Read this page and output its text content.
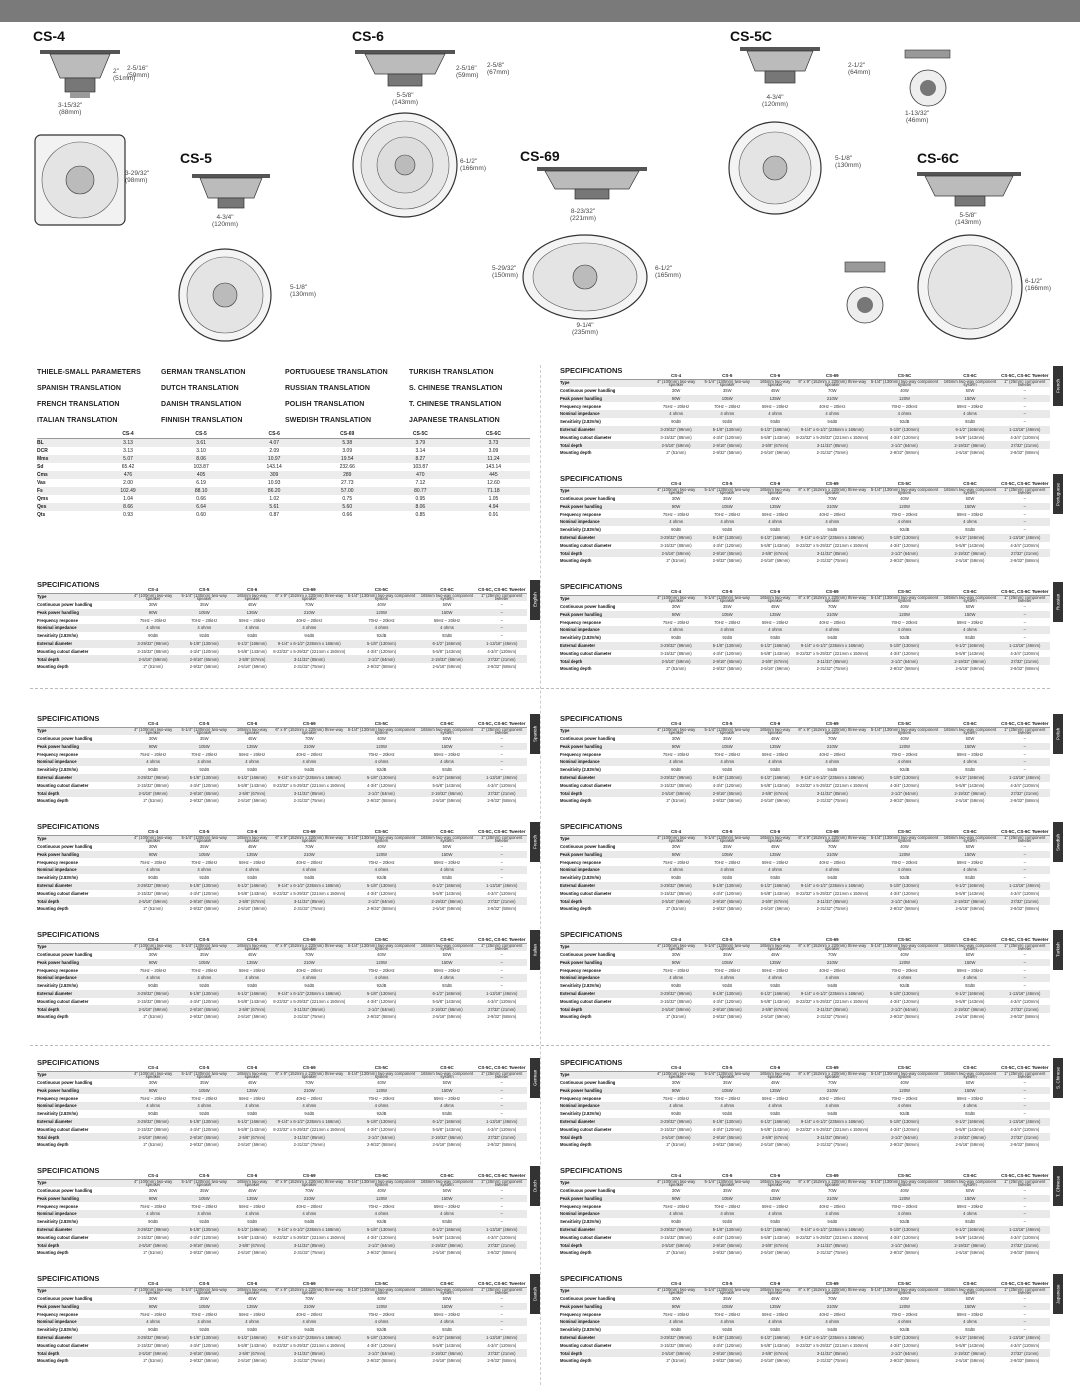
CS-4	CS-6	CS-5C
CS-5	CS-69	CS-6C
2-5/16"
(59mm)
2"
(51mm)
3-15/32"
(88mm)
2-5/16"
(59mm)
2-5/8"
(67mm)
5-5/8"
(143mm)
6-1/2"
(166mm)
4-3/4"
(120mm)
2-1/2"
(64mm)
1-13/32"
(46mm)
3-29/32"
(98mm)
4-3/4"
(120mm)
5-1/8"
(130mm)
8-23/32"
(221mm)
5-29/32"
(150mm)
6-1/2"
(165mm)
9-1/4"
(235mm)
5-1/8"
(130mm)
5-5/8"
(143mm)
6-1/2"
(166mm)
THIELE-SMALL PARAMETERS	GERMAN TRANSLATION	PORTUGUESE TRANSLATION	TURKISH TRANSLATION
SPANISH TRANSLATION	DUTCH TRANSLATION	RUSSIAN TRANSLATION	S. CHINESE TRANSLATION
FRENCH TRANSLATION	DANISH TRANSLATION	POLISH TRANSLATION	T. CHINESE TRANSLATION
ITALIAN TRANSLATION	FINNISH TRANSLATION	SWEDISH TRANSLATION	JAPANESE TRANSLATION
	CS-4	CS-5	CS-6	CS-69	CS-5C	CS-6C
BL	3.13	3.61	4.07	5.38	3.79	3.73
DCR	3.13	3.10	2.09	3.09	3.14	3.09
Mms	5.07	8.06	10.97	19.54	8.27	11.24
Sd	65.42	103.87	143.14	232.66	103.87	143.14
Cms	476	405	309	289	470	445
Vas	2.00	6.19	10.93	27.73	7.12	12.60
Fs	102.49	88.10	86.20	57.00	80.77	71.18
Qms	1.04	0.66	1.02	0.75	0.95	1.05
Qes	8.66	6.64	5.61	5.60	8.06	4.94
Qts	0.93	0.60	0.87	0.66	0.85	0.91
SPECIFICATIONS
	CS-4	CS-5	CS-6	CS-69	CS-5C	CS-6C	CS-5C, CS-6C Tweeter
Type	4" (100mm) two-way speaker	5-1/4" (130mm) two-way speaker	165mm two-way speaker	6" x 9" (152mm x 230mm) three-way speaker	5-1/4" (130mm) two-way component system	165mm two-way component system	1" (25mm) component tweeter
Continuous power handling	30W	35W	45W	70W	40W	50W	–
Peak power handling	90W	105W	135W	210W	120W	150W	–
Frequency response	75Hz – 20kHz	70Hz – 20kHz	59Hz – 20kHz	40Hz – 20kHz	70Hz – 20kHz	59Hz – 20kHz	–
Nominal impedance	4 ohms	4 ohms	4 ohms	4 ohms	4 ohms	4 ohms	–
Sensitivity (2.83V/m)	90dB	92dB	93dB	94dB	92dB	93dB	–
External diameter	3-29/32" (98mm)	5-1/8" (130mm)	6-1/2" (166mm)	9-1/4" x 6-1/2" (235mm x 166mm)	5-1/8" (130mm)	6-1/2" (166mm)	1-13/16" (46mm)
Mounting cutout diameter	3-15/32" (88mm)	4-3/4" (120mm)	5-5/8" (143mm)	8-23/32" x 5-29/32" (221mm x 150mm)	4-3/4" (120mm)	5-5/8" (143mm)	4-3/4" (120mm)
Total depth	2-5/16" (59mm)	2-9/16" (65mm)	2-5/8" (67mm)	3-11/32" (85mm)	2-1/2" (64mm)	2-19/32" (66mm)	27/32" (21mm)
Mounting depth	2" (51mm)	2-9/32" (58mm)	2-5/16" (59mm)	2-31/32" (75mm)	2-9/32" (58mm)	2-5/16" (59mm)	2-9/32" (58mm)
English
SPECIFICATIONS
	CS-4	CS-5	CS-6	CS-69	CS-5C	CS-6C	CS-5C, CS-6C Tweeter
Type	4" (100mm) two-way speaker	5-1/4" (130mm) two-way speaker	165mm two-way speaker	6" x 9" (152mm x 230mm) three-way speaker	5-1/4" (130mm) two-way component system	165mm two-way component system	1" (25mm) component tweeter
Continuous power handling	30W	35W	45W	70W	40W	50W	–
Peak power handling	90W	105W	135W	210W	120W	150W	–
Frequency response	75Hz – 20kHz	70Hz – 20kHz	59Hz – 20kHz	40Hz – 20kHz	70Hz – 20kHz	59Hz – 20kHz	–
Nominal impedance	4 ohms	4 ohms	4 ohms	4 ohms	4 ohms	4 ohms	–
Sensitivity (2.83V/m)	90dB	92dB	93dB	94dB	92dB	93dB	–
External diameter	3-29/32" (98mm)	5-1/8" (130mm)	6-1/2" (166mm)	9-1/4" x 6-1/2" (235mm x 166mm)	5-1/8" (130mm)	6-1/2" (166mm)	1-13/16" (46mm)
Mounting cutout diameter	3-15/32" (88mm)	4-3/4" (120mm)	5-5/8" (143mm)	8-23/32" x 5-29/32" (221mm x 150mm)	4-3/4" (120mm)	5-5/8" (143mm)	4-3/4" (120mm)
Total depth	2-5/16" (59mm)	2-9/16" (65mm)	2-5/8" (67mm)	3-11/32" (85mm)	2-1/2" (64mm)	2-19/32" (66mm)	27/32" (21mm)
Mounting depth	2" (51mm)	2-9/32" (58mm)	2-5/16" (59mm)	2-31/32" (75mm)	2-9/32" (58mm)	2-5/16" (59mm)	2-9/32" (58mm)
French
SPECIFICATIONS
	CS-4	CS-5	CS-6	CS-69	CS-5C	CS-6C	CS-5C, CS-6C Tweeter
Type	4" (100mm) two-way speaker	5-1/4" (130mm) two-way speaker	165mm two-way speaker	6" x 9" (152mm x 230mm) three-way speaker	5-1/4" (130mm) two-way component system	165mm two-way component system	1" (25mm) component tweeter
Continuous power handling	30W	35W	45W	70W	40W	50W	–
Peak power handling	90W	105W	135W	210W	120W	150W	–
Frequency response	75Hz – 20kHz	70Hz – 20kHz	59Hz – 20kHz	40Hz – 20kHz	70Hz – 20kHz	59Hz – 20kHz	–
Nominal impedance	4 ohms	4 ohms	4 ohms	4 ohms	4 ohms	4 ohms	–
Sensitivity (2.83V/m)	90dB	92dB	93dB	94dB	92dB	93dB	–
External diameter	3-29/32" (98mm)	5-1/8" (130mm)	6-1/2" (166mm)	9-1/4" x 6-1/2" (235mm x 166mm)	5-1/8" (130mm)	6-1/2" (166mm)	1-13/16" (46mm)
Mounting cutout diameter	3-15/32" (88mm)	4-3/4" (120mm)	5-5/8" (143mm)	8-23/32" x 5-29/32" (221mm x 150mm)	4-3/4" (120mm)	5-5/8" (143mm)	4-3/4" (120mm)
Total depth	2-5/16" (59mm)	2-9/16" (65mm)	2-5/8" (67mm)	3-11/32" (85mm)	2-1/2" (64mm)	2-19/32" (66mm)	27/32" (21mm)
Mounting depth	2" (51mm)	2-9/32" (58mm)	2-5/16" (59mm)	2-31/32" (75mm)	2-9/32" (58mm)	2-5/16" (59mm)	2-9/32" (58mm)
Portuguese
SPECIFICATIONS
	CS-4	CS-5	CS-6	CS-69	CS-5C	CS-6C	CS-5C, CS-6C Tweeter
Type	4" (100mm) two-way speaker	5-1/4" (130mm) two-way speaker	165mm two-way speaker	6" x 9" (152mm x 230mm) three-way speaker	5-1/4" (130mm) two-way component system	165mm two-way component system	1" (25mm) component tweeter
Continuous power handling	30W	35W	45W	70W	40W	50W	–
Peak power handling	90W	105W	135W	210W	120W	150W	–
Frequency response	75Hz – 20kHz	70Hz – 20kHz	59Hz – 20kHz	40Hz – 20kHz	70Hz – 20kHz	59Hz – 20kHz	–
Nominal impedance	4 ohms	4 ohms	4 ohms	4 ohms	4 ohms	4 ohms	–
Sensitivity (2.83V/m)	90dB	92dB	93dB	94dB	92dB	93dB	–
External diameter	3-29/32" (98mm)	5-1/8" (130mm)	6-1/2" (166mm)	9-1/4" x 6-1/2" (235mm x 166mm)	5-1/8" (130mm)	6-1/2" (166mm)	1-13/16" (46mm)
Mounting cutout diameter	3-15/32" (88mm)	4-3/4" (120mm)	5-5/8" (143mm)	8-23/32" x 5-29/32" (221mm x 150mm)	4-3/4" (120mm)	5-5/8" (143mm)	4-3/4" (120mm)
Total depth	2-5/16" (59mm)	2-9/16" (65mm)	2-5/8" (67mm)	3-11/32" (85mm)	2-1/2" (64mm)	2-19/32" (66mm)	27/32" (21mm)
Mounting depth	2" (51mm)	2-9/32" (58mm)	2-5/16" (59mm)	2-31/32" (75mm)	2-9/32" (58mm)	2-5/16" (59mm)	2-9/32" (58mm)
Russian
SPECIFICATIONS
	CS-4	CS-5	CS-6	CS-69	CS-5C	CS-6C	CS-5C, CS-6C Tweeter
Type	4" (100mm) two-way speaker	5-1/4" (130mm) two-way speaker	165mm two-way speaker	6" x 9" (152mm x 230mm) three-way speaker	5-1/4" (130mm) two-way component system	165mm two-way component system	1" (25mm) component tweeter
Continuous power handling	30W	35W	45W	70W	40W	50W	–
Peak power handling	90W	105W	135W	210W	120W	150W	–
Frequency response	75Hz – 20kHz	70Hz – 20kHz	59Hz – 20kHz	40Hz – 20kHz	70Hz – 20kHz	59Hz – 20kHz	–
Nominal impedance	4 ohms	4 ohms	4 ohms	4 ohms	4 ohms	4 ohms	–
Sensitivity (2.83V/m)	90dB	92dB	93dB	94dB	92dB	93dB	–
External diameter	3-29/32" (98mm)	5-1/8" (130mm)	6-1/2" (166mm)	9-1/4" x 6-1/2" (235mm x 166mm)	5-1/8" (130mm)	6-1/2" (166mm)	1-13/16" (46mm)
Mounting cutout diameter	3-15/32" (88mm)	4-3/4" (120mm)	5-5/8" (143mm)	8-23/32" x 5-29/32" (221mm x 150mm)	4-3/4" (120mm)	5-5/8" (143mm)	4-3/4" (120mm)
Total depth	2-5/16" (59mm)	2-9/16" (65mm)	2-5/8" (67mm)	3-11/32" (85mm)	2-1/2" (64mm)	2-19/32" (66mm)	27/32" (21mm)
Mounting depth	2" (51mm)	2-9/32" (58mm)	2-5/16" (59mm)	2-31/32" (75mm)	2-9/32" (58mm)	2-5/16" (59mm)	2-9/32" (58mm)
Spanish
SPECIFICATIONS
	CS-4	CS-5	CS-6	CS-69	CS-5C	CS-6C	CS-5C, CS-6C Tweeter
Type	4" (100mm) two-way speaker	5-1/4" (130mm) two-way speaker	165mm two-way speaker	6" x 9" (152mm x 230mm) three-way speaker	5-1/4" (130mm) two-way component system	165mm two-way component system	1" (25mm) component tweeter
Continuous power handling	30W	35W	45W	70W	40W	50W	–
Peak power handling	90W	105W	135W	210W	120W	150W	–
Frequency response	75Hz – 20kHz	70Hz – 20kHz	59Hz – 20kHz	40Hz – 20kHz	70Hz – 20kHz	59Hz – 20kHz	–
Nominal impedance	4 ohms	4 ohms	4 ohms	4 ohms	4 ohms	4 ohms	–
Sensitivity (2.83V/m)	90dB	92dB	93dB	94dB	92dB	93dB	–
External diameter	3-29/32" (98mm)	5-1/8" (130mm)	6-1/2" (166mm)	9-1/4" x 6-1/2" (235mm x 166mm)	5-1/8" (130mm)	6-1/2" (166mm)	1-13/16" (46mm)
Mounting cutout diameter	3-15/32" (88mm)	4-3/4" (120mm)	5-5/8" (143mm)	8-23/32" x 5-29/32" (221mm x 150mm)	4-3/4" (120mm)	5-5/8" (143mm)	4-3/4" (120mm)
Total depth	2-5/16" (59mm)	2-9/16" (65mm)	2-5/8" (67mm)	3-11/32" (85mm)	2-1/2" (64mm)	2-19/32" (66mm)	27/32" (21mm)
Mounting depth	2" (51mm)	2-9/32" (58mm)	2-5/16" (59mm)	2-31/32" (75mm)	2-9/32" (58mm)	2-5/16" (59mm)	2-9/32" (58mm)
Polish
SPECIFICATIONS
	CS-4	CS-5	CS-6	CS-69	CS-5C	CS-6C	CS-5C, CS-6C Tweeter
Type	4" (100mm) two-way speaker	5-1/4" (130mm) two-way speaker	165mm two-way speaker	6" x 9" (152mm x 230mm) three-way speaker	5-1/4" (130mm) two-way component system	165mm two-way component system	1" (25mm) component tweeter
Continuous power handling	30W	35W	45W	70W	40W	50W	–
Peak power handling	90W	105W	135W	210W	120W	150W	–
Frequency response	75Hz – 20kHz	70Hz – 20kHz	59Hz – 20kHz	40Hz – 20kHz	70Hz – 20kHz	59Hz – 20kHz	–
Nominal impedance	4 ohms	4 ohms	4 ohms	4 ohms	4 ohms	4 ohms	–
Sensitivity (2.83V/m)	90dB	92dB	93dB	94dB	92dB	93dB	–
External diameter	3-29/32" (98mm)	5-1/8" (130mm)	6-1/2" (166mm)	9-1/4" x 6-1/2" (235mm x 166mm)	5-1/8" (130mm)	6-1/2" (166mm)	1-13/16" (46mm)
Mounting cutout diameter	3-15/32" (88mm)	4-3/4" (120mm)	5-5/8" (143mm)	8-23/32" x 5-29/32" (221mm x 150mm)	4-3/4" (120mm)	5-5/8" (143mm)	4-3/4" (120mm)
Total depth	2-5/16" (59mm)	2-9/16" (65mm)	2-5/8" (67mm)	3-11/32" (85mm)	2-1/2" (64mm)	2-19/32" (66mm)	27/32" (21mm)
Mounting depth	2" (51mm)	2-9/32" (58mm)	2-5/16" (59mm)	2-31/32" (75mm)	2-9/32" (58mm)	2-5/16" (59mm)	2-9/32" (58mm)
French
SPECIFICATIONS
	CS-4	CS-5	CS-6	CS-69	CS-5C	CS-6C	CS-5C, CS-6C Tweeter
Type	4" (100mm) two-way speaker	5-1/4" (130mm) two-way speaker	165mm two-way speaker	6" x 9" (152mm x 230mm) three-way speaker	5-1/4" (130mm) two-way component system	165mm two-way component system	1" (25mm) component tweeter
Continuous power handling	30W	35W	45W	70W	40W	50W	–
Peak power handling	90W	105W	135W	210W	120W	150W	–
Frequency response	75Hz – 20kHz	70Hz – 20kHz	59Hz – 20kHz	40Hz – 20kHz	70Hz – 20kHz	59Hz – 20kHz	–
Nominal impedance	4 ohms	4 ohms	4 ohms	4 ohms	4 ohms	4 ohms	–
Sensitivity (2.83V/m)	90dB	92dB	93dB	94dB	92dB	93dB	–
External diameter	3-29/32" (98mm)	5-1/8" (130mm)	6-1/2" (166mm)	9-1/4" x 6-1/2" (235mm x 166mm)	5-1/8" (130mm)	6-1/2" (166mm)	1-13/16" (46mm)
Mounting cutout diameter	3-15/32" (88mm)	4-3/4" (120mm)	5-5/8" (143mm)	8-23/32" x 5-29/32" (221mm x 150mm)	4-3/4" (120mm)	5-5/8" (143mm)	4-3/4" (120mm)
Total depth	2-5/16" (59mm)	2-9/16" (65mm)	2-5/8" (67mm)	3-11/32" (85mm)	2-1/2" (64mm)	2-19/32" (66mm)	27/32" (21mm)
Mounting depth	2" (51mm)	2-9/32" (58mm)	2-5/16" (59mm)	2-31/32" (75mm)	2-9/32" (58mm)	2-5/16" (59mm)	2-9/32" (58mm)
Swedish
SPECIFICATIONS
	CS-4	CS-5	CS-6	CS-69	CS-5C	CS-6C	CS-5C, CS-6C Tweeter
Type	4" (100mm) two-way speaker	5-1/4" (130mm) two-way speaker	165mm two-way speaker	6" x 9" (152mm x 230mm) three-way speaker	5-1/4" (130mm) two-way component system	165mm two-way component system	1" (25mm) component tweeter
Continuous power handling	30W	35W	45W	70W	40W	50W	–
Peak power handling	90W	105W	135W	210W	120W	150W	–
Frequency response	75Hz – 20kHz	70Hz – 20kHz	59Hz – 20kHz	40Hz – 20kHz	70Hz – 20kHz	59Hz – 20kHz	–
Nominal impedance	4 ohms	4 ohms	4 ohms	4 ohms	4 ohms	4 ohms	–
Sensitivity (2.83V/m)	90dB	92dB	93dB	94dB	92dB	93dB	–
External diameter	3-29/32" (98mm)	5-1/8" (130mm)	6-1/2" (166mm)	9-1/4" x 6-1/2" (235mm x 166mm)	5-1/8" (130mm)	6-1/2" (166mm)	1-13/16" (46mm)
Mounting cutout diameter	3-15/32" (88mm)	4-3/4" (120mm)	5-5/8" (143mm)	8-23/32" x 5-29/32" (221mm x 150mm)	4-3/4" (120mm)	5-5/8" (143mm)	4-3/4" (120mm)
Total depth	2-5/16" (59mm)	2-9/16" (65mm)	2-5/8" (67mm)	3-11/32" (85mm)	2-1/2" (64mm)	2-19/32" (66mm)	27/32" (21mm)
Mounting depth	2" (51mm)	2-9/32" (58mm)	2-5/16" (59mm)	2-31/32" (75mm)	2-9/32" (58mm)	2-5/16" (59mm)	2-9/32" (58mm)
Italian
SPECIFICATIONS
	CS-4	CS-5	CS-6	CS-69	CS-5C	CS-6C	CS-5C, CS-6C Tweeter
Type	4" (100mm) two-way speaker	5-1/4" (130mm) two-way speaker	165mm two-way speaker	6" x 9" (152mm x 230mm) three-way speaker	5-1/4" (130mm) two-way component system	165mm two-way component system	1" (25mm) component tweeter
Continuous power handling	30W	35W	45W	70W	40W	50W	–
Peak power handling	90W	105W	135W	210W	120W	150W	–
Frequency response	75Hz – 20kHz	70Hz – 20kHz	59Hz – 20kHz	40Hz – 20kHz	70Hz – 20kHz	59Hz – 20kHz	–
Nominal impedance	4 ohms	4 ohms	4 ohms	4 ohms	4 ohms	4 ohms	–
Sensitivity (2.83V/m)	90dB	92dB	93dB	94dB	92dB	93dB	–
External diameter	3-29/32" (98mm)	5-1/8" (130mm)	6-1/2" (166mm)	9-1/4" x 6-1/2" (235mm x 166mm)	5-1/8" (130mm)	6-1/2" (166mm)	1-13/16" (46mm)
Mounting cutout diameter	3-15/32" (88mm)	4-3/4" (120mm)	5-5/8" (143mm)	8-23/32" x 5-29/32" (221mm x 150mm)	4-3/4" (120mm)	5-5/8" (143mm)	4-3/4" (120mm)
Total depth	2-5/16" (59mm)	2-9/16" (65mm)	2-5/8" (67mm)	3-11/32" (85mm)	2-1/2" (64mm)	2-19/32" (66mm)	27/32" (21mm)
Mounting depth	2" (51mm)	2-9/32" (58mm)	2-5/16" (59mm)	2-31/32" (75mm)	2-9/32" (58mm)	2-5/16" (59mm)	2-9/32" (58mm)
Turkish
SPECIFICATIONS
	CS-4	CS-5	CS-6	CS-69	CS-5C	CS-6C	CS-5C, CS-6C Tweeter
Type	4" (100mm) two-way speaker	5-1/4" (130mm) two-way speaker	165mm two-way speaker	6" x 9" (152mm x 230mm) three-way speaker	5-1/4" (130mm) two-way component system	165mm two-way component system	1" (25mm) component tweeter
Continuous power handling	30W	35W	45W	70W	40W	50W	–
Peak power handling	90W	105W	135W	210W	120W	150W	–
Frequency response	75Hz – 20kHz	70Hz – 20kHz	59Hz – 20kHz	40Hz – 20kHz	70Hz – 20kHz	59Hz – 20kHz	–
Nominal impedance	4 ohms	4 ohms	4 ohms	4 ohms	4 ohms	4 ohms	–
Sensitivity (2.83V/m)	90dB	92dB	93dB	94dB	92dB	93dB	–
External diameter	3-29/32" (98mm)	5-1/8" (130mm)	6-1/2" (166mm)	9-1/4" x 6-1/2" (235mm x 166mm)	5-1/8" (130mm)	6-1/2" (166mm)	1-13/16" (46mm)
Mounting cutout diameter	3-15/32" (88mm)	4-3/4" (120mm)	5-5/8" (143mm)	8-23/32" x 5-29/32" (221mm x 150mm)	4-3/4" (120mm)	5-5/8" (143mm)	4-3/4" (120mm)
Total depth	2-5/16" (59mm)	2-9/16" (65mm)	2-5/8" (67mm)	3-11/32" (85mm)	2-1/2" (64mm)	2-19/32" (66mm)	27/32" (21mm)
Mounting depth	2" (51mm)	2-9/32" (58mm)	2-5/16" (59mm)	2-31/32" (75mm)	2-9/32" (58mm)	2-5/16" (59mm)	2-9/32" (58mm)
German
SPECIFICATIONS
	CS-4	CS-5	CS-6	CS-69	CS-5C	CS-6C	CS-5C, CS-6C Tweeter
Type	4" (100mm) two-way speaker	5-1/4" (130mm) two-way speaker	165mm two-way speaker	6" x 9" (152mm x 230mm) three-way speaker	5-1/4" (130mm) two-way component system	165mm two-way component system	1" (25mm) component tweeter
Continuous power handling	30W	35W	45W	70W	40W	50W	–
Peak power handling	90W	105W	135W	210W	120W	150W	–
Frequency response	75Hz – 20kHz	70Hz – 20kHz	59Hz – 20kHz	40Hz – 20kHz	70Hz – 20kHz	59Hz – 20kHz	–
Nominal impedance	4 ohms	4 ohms	4 ohms	4 ohms	4 ohms	4 ohms	–
Sensitivity (2.83V/m)	90dB	92dB	93dB	94dB	92dB	93dB	–
External diameter	3-29/32" (98mm)	5-1/8" (130mm)	6-1/2" (166mm)	9-1/4" x 6-1/2" (235mm x 166mm)	5-1/8" (130mm)	6-1/2" (166mm)	1-13/16" (46mm)
Mounting cutout diameter	3-15/32" (88mm)	4-3/4" (120mm)	5-5/8" (143mm)	8-23/32" x 5-29/32" (221mm x 150mm)	4-3/4" (120mm)	5-5/8" (143mm)	4-3/4" (120mm)
Total depth	2-5/16" (59mm)	2-9/16" (65mm)	2-5/8" (67mm)	3-11/32" (85mm)	2-1/2" (64mm)	2-19/32" (66mm)	27/32" (21mm)
Mounting depth	2" (51mm)	2-9/32" (58mm)	2-5/16" (59mm)	2-31/32" (75mm)	2-9/32" (58mm)	2-5/16" (59mm)	2-9/32" (58mm)
S. Chinese
SPECIFICATIONS
	CS-4	CS-5	CS-6	CS-69	CS-5C	CS-6C	CS-5C, CS-6C Tweeter
Type	4" (100mm) two-way speaker	5-1/4" (130mm) two-way speaker	165mm two-way speaker	6" x 9" (152mm x 230mm) three-way speaker	5-1/4" (130mm) two-way component system	165mm two-way component system	1" (25mm) component tweeter
Continuous power handling	30W	35W	45W	70W	40W	50W	–
Peak power handling	90W	105W	135W	210W	120W	150W	–
Frequency response	75Hz – 20kHz	70Hz – 20kHz	59Hz – 20kHz	40Hz – 20kHz	70Hz – 20kHz	59Hz – 20kHz	–
Nominal impedance	4 ohms	4 ohms	4 ohms	4 ohms	4 ohms	4 ohms	–
Sensitivity (2.83V/m)	90dB	92dB	93dB	94dB	92dB	93dB	–
External diameter	3-29/32" (98mm)	5-1/8" (130mm)	6-1/2" (166mm)	9-1/4" x 6-1/2" (235mm x 166mm)	5-1/8" (130mm)	6-1/2" (166mm)	1-13/16" (46mm)
Mounting cutout diameter	3-15/32" (88mm)	4-3/4" (120mm)	5-5/8" (143mm)	8-23/32" x 5-29/32" (221mm x 150mm)	4-3/4" (120mm)	5-5/8" (143mm)	4-3/4" (120mm)
Total depth	2-5/16" (59mm)	2-9/16" (65mm)	2-5/8" (67mm)	3-11/32" (85mm)	2-1/2" (64mm)	2-19/32" (66mm)	27/32" (21mm)
Mounting depth	2" (51mm)	2-9/32" (58mm)	2-5/16" (59mm)	2-31/32" (75mm)	2-9/32" (58mm)	2-5/16" (59mm)	2-9/32" (58mm)
Dutch
SPECIFICATIONS
	CS-4	CS-5	CS-6	CS-69	CS-5C	CS-6C	CS-5C, CS-6C Tweeter
Type	4" (100mm) two-way speaker	5-1/4" (130mm) two-way speaker	165mm two-way speaker	6" x 9" (152mm x 230mm) three-way speaker	5-1/4" (130mm) two-way component system	165mm two-way component system	1" (25mm) component tweeter
Continuous power handling	30W	35W	45W	70W	40W	50W	–
Peak power handling	90W	105W	135W	210W	120W	150W	–
Frequency response	75Hz – 20kHz	70Hz – 20kHz	59Hz – 20kHz	40Hz – 20kHz	70Hz – 20kHz	59Hz – 20kHz	–
Nominal impedance	4 ohms	4 ohms	4 ohms	4 ohms	4 ohms	4 ohms	–
Sensitivity (2.83V/m)	90dB	92dB	93dB	94dB	92dB	93dB	–
External diameter	3-29/32" (98mm)	5-1/8" (130mm)	6-1/2" (166mm)	9-1/4" x 6-1/2" (235mm x 166mm)	5-1/8" (130mm)	6-1/2" (166mm)	1-13/16" (46mm)
Mounting cutout diameter	3-15/32" (88mm)	4-3/4" (120mm)	5-5/8" (143mm)	8-23/32" x 5-29/32" (221mm x 150mm)	4-3/4" (120mm)	5-5/8" (143mm)	4-3/4" (120mm)
Total depth	2-5/16" (59mm)	2-9/16" (65mm)	2-5/8" (67mm)	3-11/32" (85mm)	2-1/2" (64mm)	2-19/32" (66mm)	27/32" (21mm)
Mounting depth	2" (51mm)	2-9/32" (58mm)	2-5/16" (59mm)	2-31/32" (75mm)	2-9/32" (58mm)	2-5/16" (59mm)	2-9/32" (58mm)
T. Chinese
SPECIFICATIONS
	CS-4	CS-5	CS-6	CS-69	CS-5C	CS-6C	CS-5C, CS-6C Tweeter
Type	4" (100mm) two-way speaker	5-1/4" (130mm) two-way speaker	165mm two-way speaker	6" x 9" (152mm x 230mm) three-way speaker	5-1/4" (130mm) two-way component system	165mm two-way component system	1" (25mm) component tweeter
Continuous power handling	30W	35W	45W	70W	40W	50W	–
Peak power handling	90W	105W	135W	210W	120W	150W	–
Frequency response	75Hz – 20kHz	70Hz – 20kHz	59Hz – 20kHz	40Hz – 20kHz	70Hz – 20kHz	59Hz – 20kHz	–
Nominal impedance	4 ohms	4 ohms	4 ohms	4 ohms	4 ohms	4 ohms	–
Sensitivity (2.83V/m)	90dB	92dB	93dB	94dB	92dB	93dB	–
External diameter	3-29/32" (98mm)	5-1/8" (130mm)	6-1/2" (166mm)	9-1/4" x 6-1/2" (235mm x 166mm)	5-1/8" (130mm)	6-1/2" (166mm)	1-13/16" (46mm)
Mounting cutout diameter	3-15/32" (88mm)	4-3/4" (120mm)	5-5/8" (143mm)	8-23/32" x 5-29/32" (221mm x 150mm)	4-3/4" (120mm)	5-5/8" (143mm)	4-3/4" (120mm)
Total depth	2-5/16" (59mm)	2-9/16" (65mm)	2-5/8" (67mm)	3-11/32" (85mm)	2-1/2" (64mm)	2-19/32" (66mm)	27/32" (21mm)
Mounting depth	2" (51mm)	2-9/32" (58mm)	2-5/16" (59mm)	2-31/32" (75mm)	2-9/32" (58mm)	2-5/16" (59mm)	2-9/32" (58mm)
Danish
SPECIFICATIONS
	CS-4	CS-5	CS-6	CS-69	CS-5C	CS-6C	CS-5C, CS-6C Tweeter
Type	4" (100mm) two-way speaker	5-1/4" (130mm) two-way speaker	165mm two-way speaker	6" x 9" (152mm x 230mm) three-way speaker	5-1/4" (130mm) two-way component system	165mm two-way component system	1" (25mm) component tweeter
Continuous power handling	30W	35W	45W	70W	40W	50W	–
Peak power handling	90W	105W	135W	210W	120W	150W	–
Frequency response	75Hz – 20kHz	70Hz – 20kHz	59Hz – 20kHz	40Hz – 20kHz	70Hz – 20kHz	59Hz – 20kHz	–
Nominal impedance	4 ohms	4 ohms	4 ohms	4 ohms	4 ohms	4 ohms	–
Sensitivity (2.83V/m)	90dB	92dB	93dB	94dB	92dB	93dB	–
External diameter	3-29/32" (98mm)	5-1/8" (130mm)	6-1/2" (166mm)	9-1/4" x 6-1/2" (235mm x 166mm)	5-1/8" (130mm)	6-1/2" (166mm)	1-13/16" (46mm)
Mounting cutout diameter	3-15/32" (88mm)	4-3/4" (120mm)	5-5/8" (143mm)	8-23/32" x 5-29/32" (221mm x 150mm)	4-3/4" (120mm)	5-5/8" (143mm)	4-3/4" (120mm)
Total depth	2-5/16" (59mm)	2-9/16" (65mm)	2-5/8" (67mm)	3-11/32" (85mm)	2-1/2" (64mm)	2-19/32" (66mm)	27/32" (21mm)
Mounting depth	2" (51mm)	2-9/32" (58mm)	2-5/16" (59mm)	2-31/32" (75mm)	2-9/32" (58mm)	2-5/16" (59mm)	2-9/32" (58mm)
Japanese
